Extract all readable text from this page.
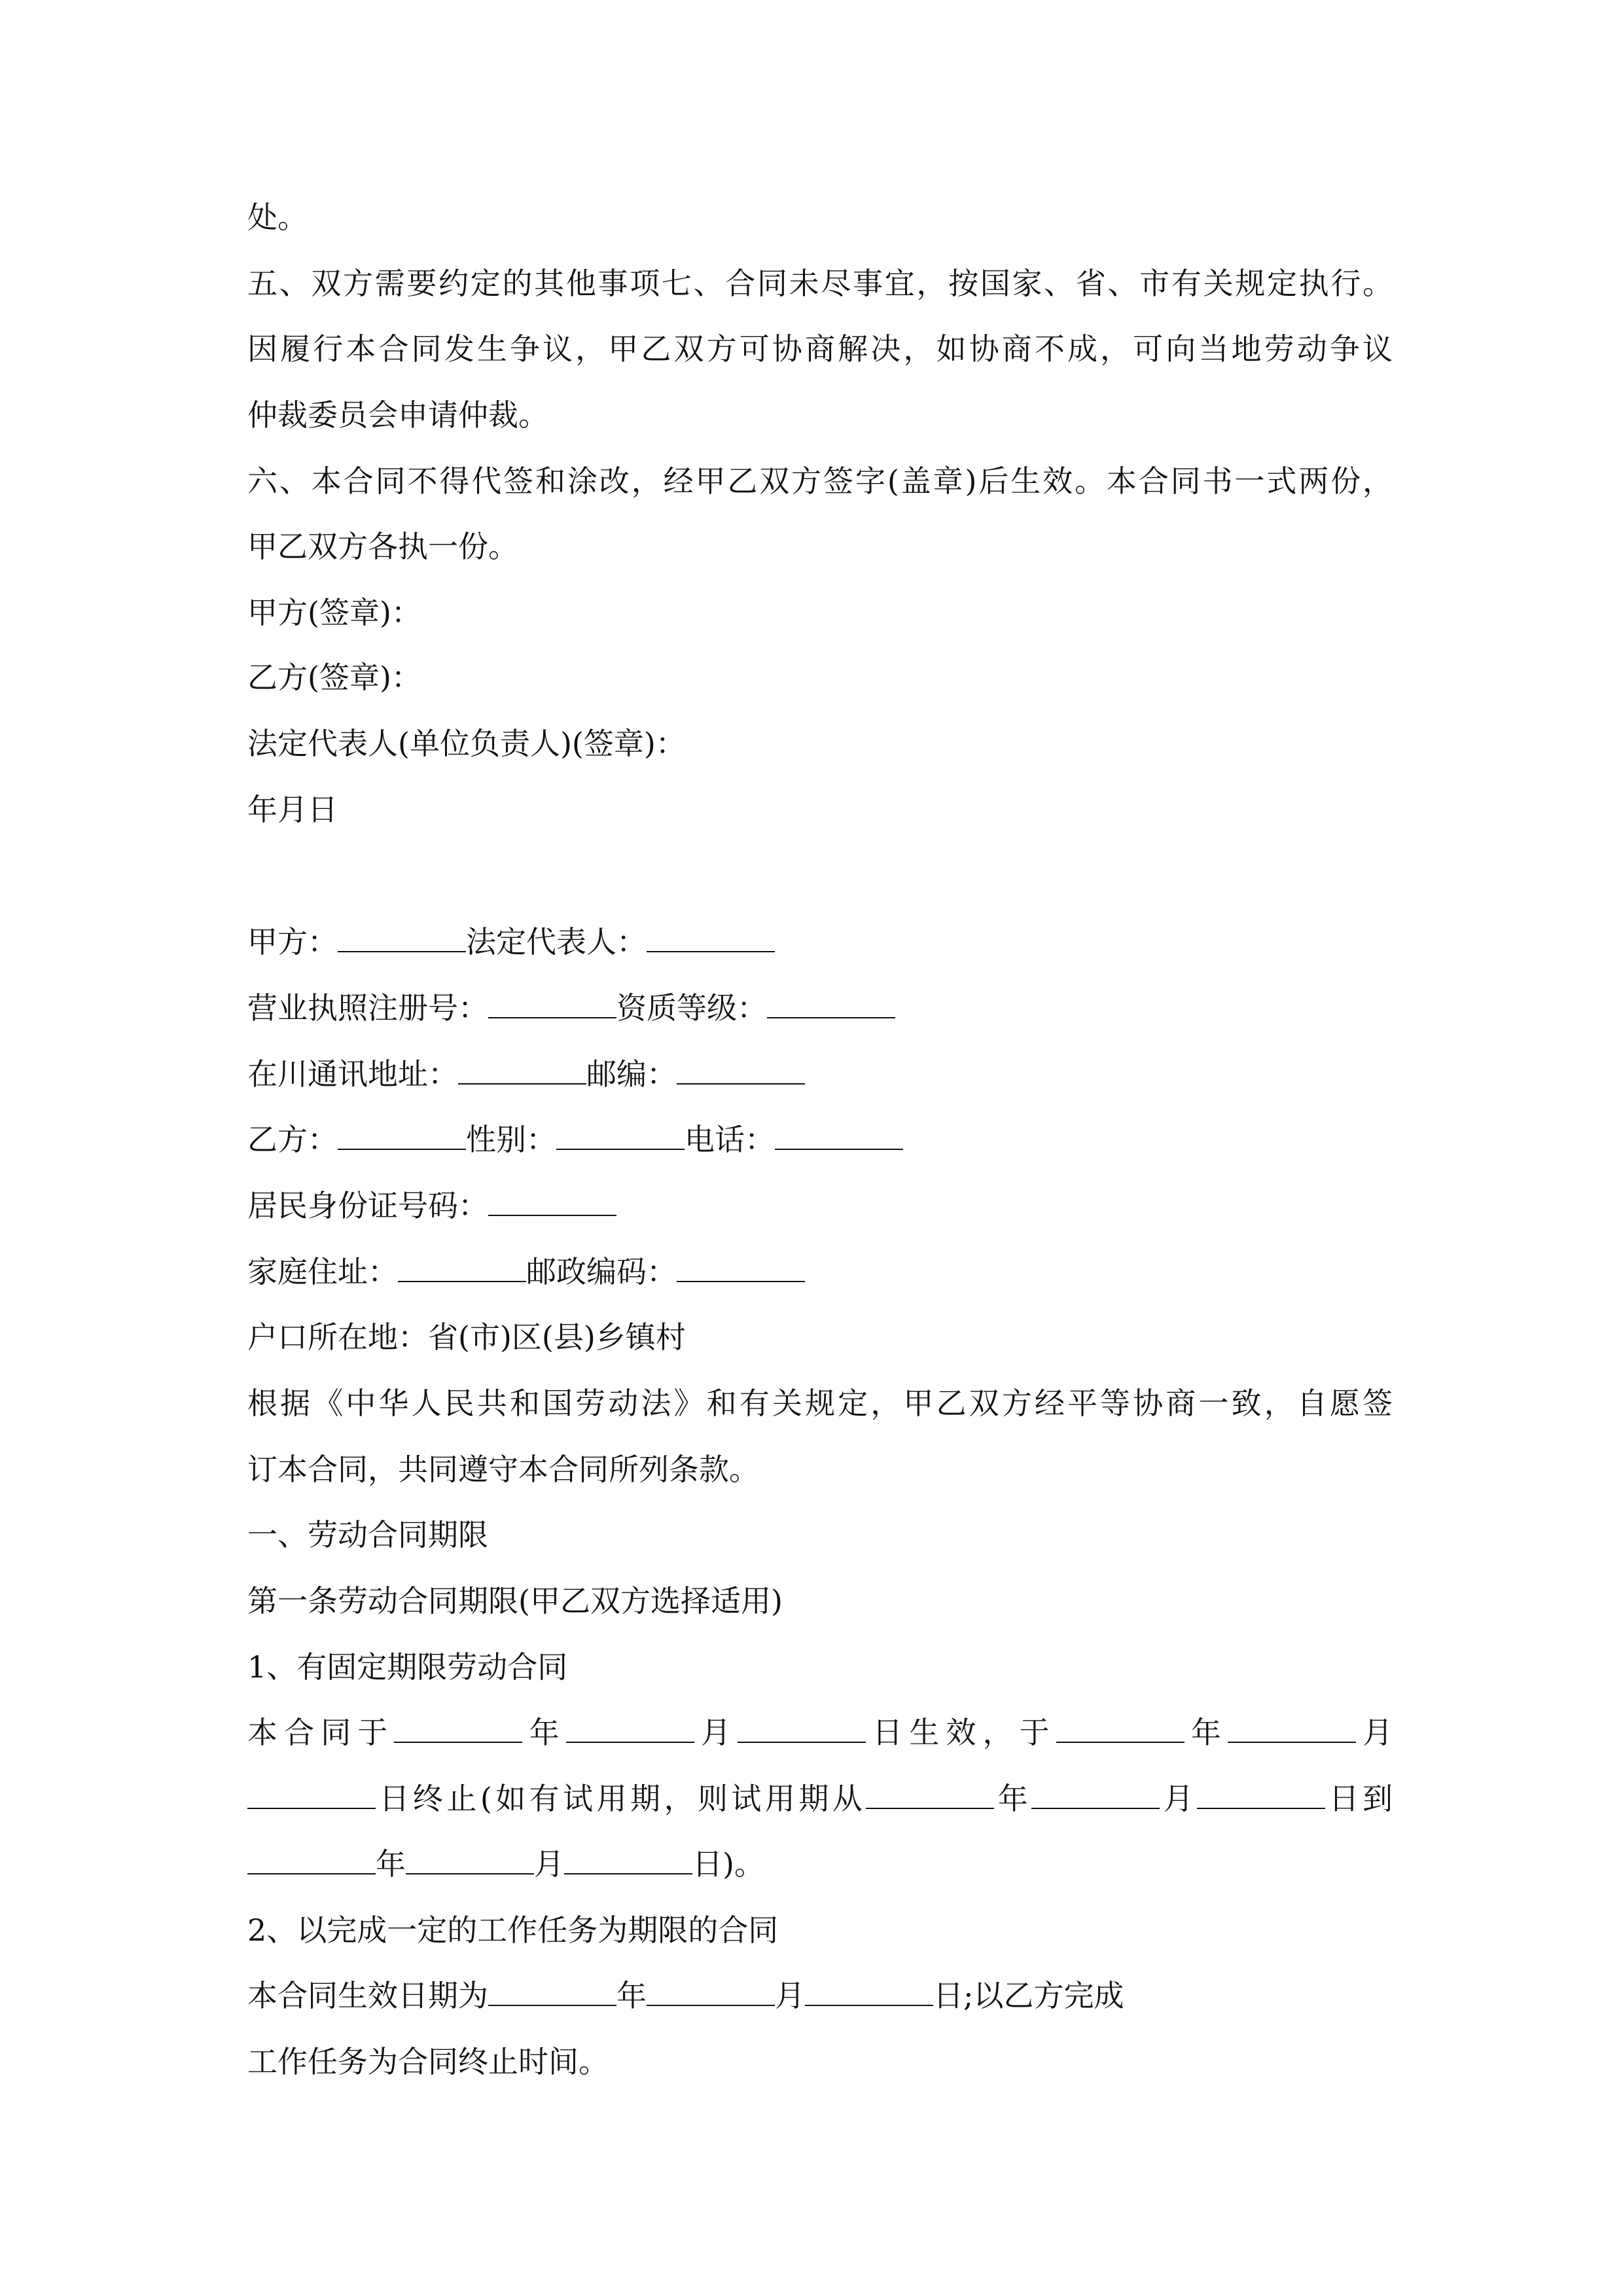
处。
五、双方需要约定的其他事项七、合同未尽事宜，按国家、省、市有关规定执行。
因履行本合同发生争议，甲乙双方可协商解决，如协商不成，可向当地劳动争议
仲裁委员会申请仲裁。
六、本合同不得代签和涂改，经甲乙双方签字(盖章)后生效。本合同书一式两份，
甲乙双方各执一份。
甲方(签章)：
乙方(签章)：
法定代表人(单位负责人)(签章)：
年月日
甲方：	法定代表人：
营业执照注册号：	资质等级：
在川通讯地址：	邮编：
乙方：	性别：	电话：
居民身份证号码：
家庭住址：	邮政编码：
户口所在地：省(市)区(县)乡镇村
根据《中华人民共和国劳动法》和有关规定，甲乙双方经平等协商一致，自愿签
订本合同，共同遵守本合同所列条款。
一、劳动合同期限
第一条劳动合同期限(甲乙双方选择适用)
1、有固定期限劳动合同
本合同于	年	月	日生效，于	年	月
日终止(如有试用期，则试用期从	年	月	日到
年	月	日)。
2、以完成一定的工作任务为期限的合同
本合同生效日期为	年	月	日;以乙方完成
工作任务为合同终止时间。
